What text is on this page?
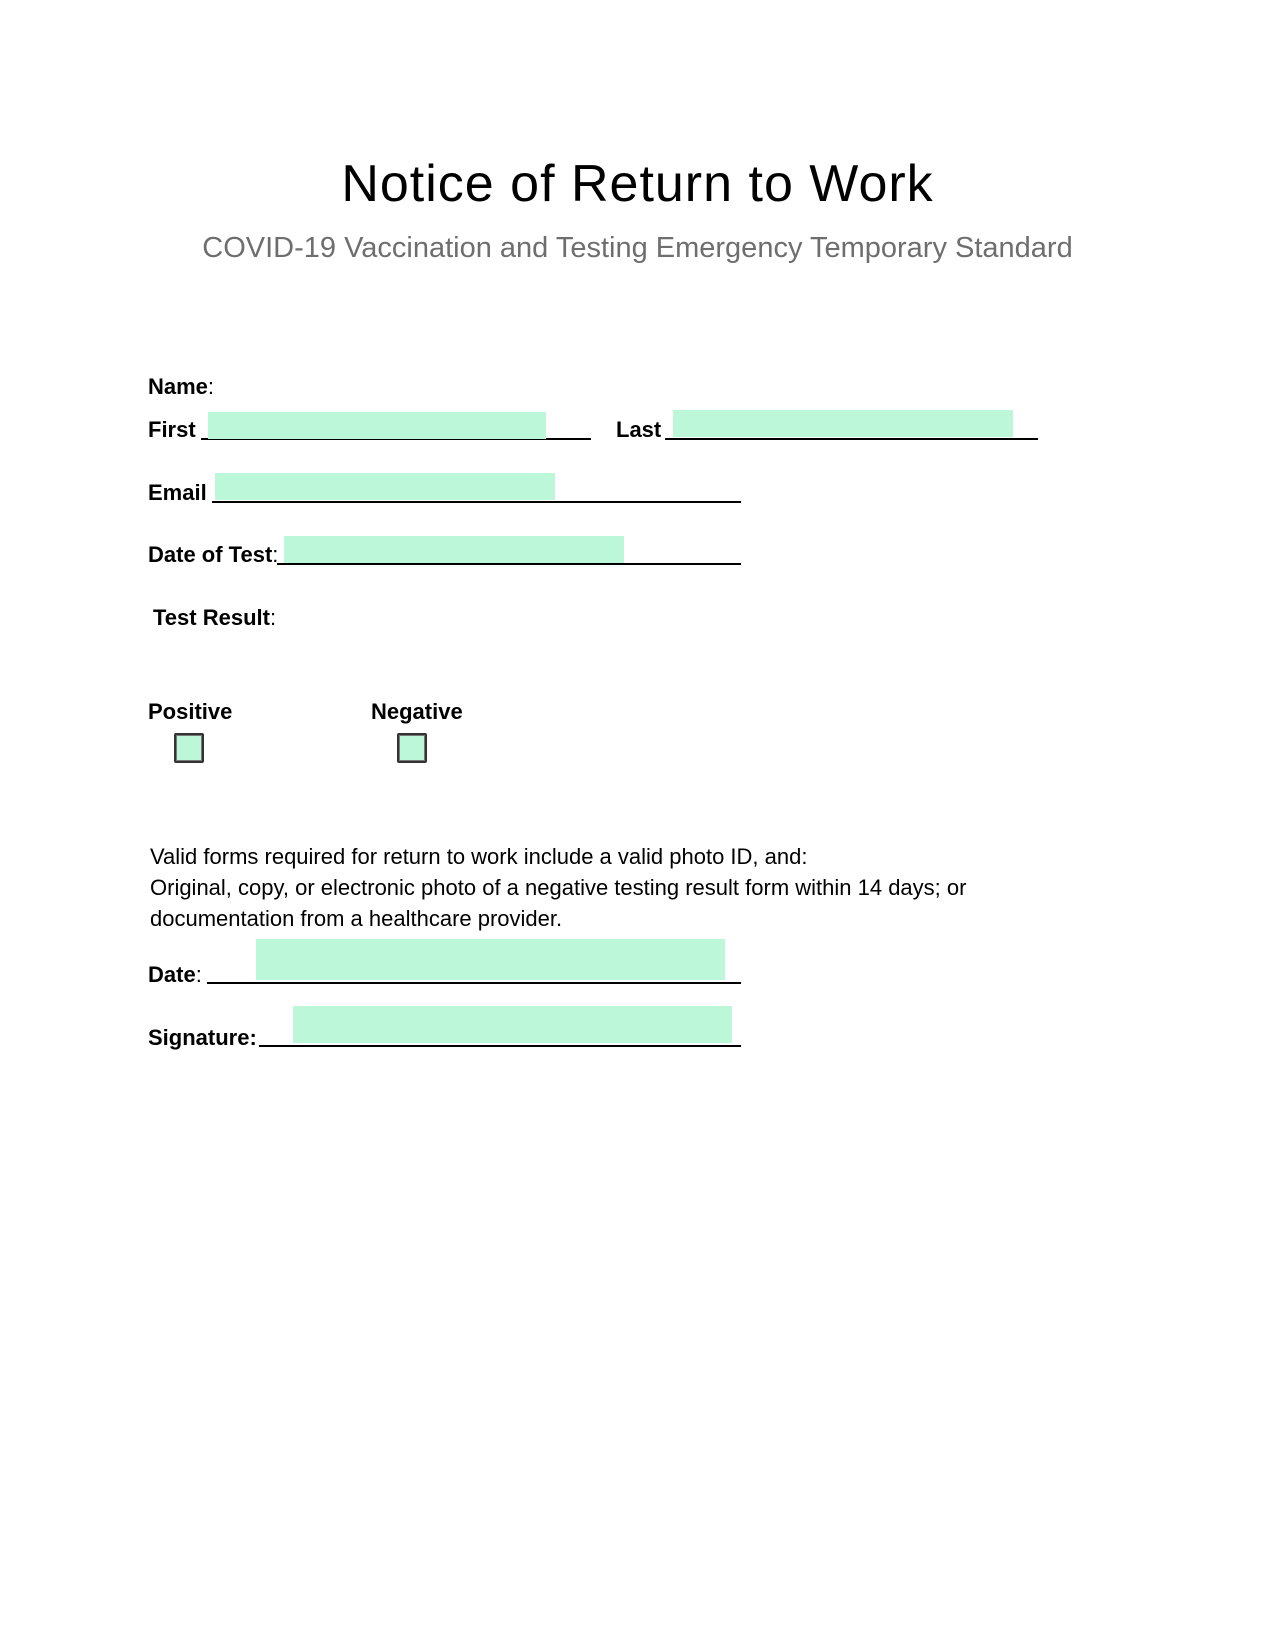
Notice of Return to Work
COVID-19 Vaccination and Testing Emergency Temporary Standard
Name:
First	Last
Email
Date of Test:
Test Result:
Positive	Negative
Valid forms required for return to work include a valid photo ID, and:
Original, copy, or electronic photo of a negative testing result form within 14 days; or
documentation from a healthcare provider.
Date:
Signature:
